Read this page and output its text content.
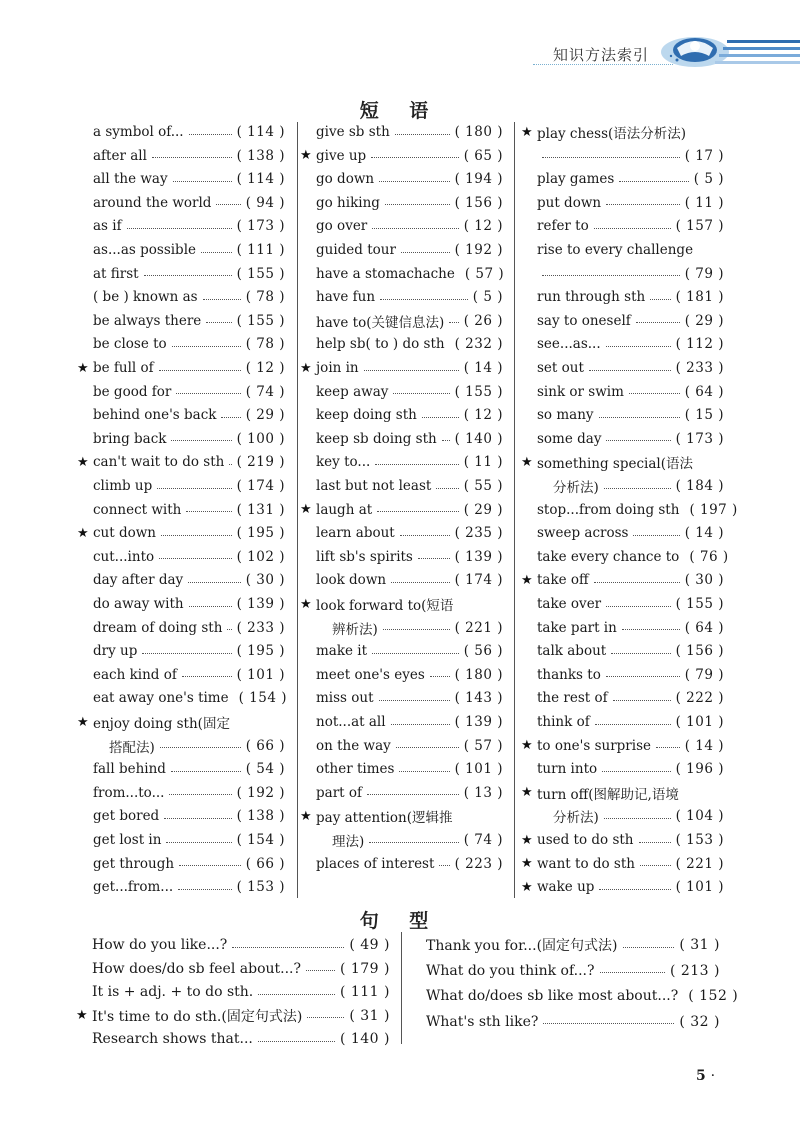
知识方法索引
短 语
a symbol of...	( 114 )
after all	( 138 )
all the way	( 114 )
around the world	( 94 )
as if	( 173 )
as...as possible	( 111 )
at first	( 155 )
( be ) known as	( 78 )
be always there	( 155 )
be close to	( 78 )
★ be full of	( 12 )
be good for	( 74 )
behind one's back ( 29 )
bring back	( 100 )
★ can't wait to do sth ( 219 )
climb up	( 174 )
connect with	( 131 )
★ cut down	( 195 )
cut...into	( 102 )
day after day	( 30 )
do away with	( 139 )
dream of doing sth ( 233 )
dry up	( 195 )
each kind of	( 101 )
eat away one's time ( 154 )
★ enjoy doing sth(固定
搭配法)	( 66 )
fall behind	( 54 )
from...to...	( 192 )
get bored	( 138 )
get lost in	( 154 )
get through	( 66 )
get...from...	( 153 )
give sb sth	( 180 )
★ give up	( 65 )
go down	( 194 )
go hiking	( 156 )
go over	( 12 )
guided tour	( 192 )
have a stomachache ( 57 )
have fun	( 5 )
have to(关键信息法) ( 26 )
help sb( to ) do sth ( 232 )
★ join in	( 14 )
keep away	( 155 )
keep doing sth	( 12 )
keep sb doing sth ( 140 )
key to...	( 11 )
last but not least ( 55 )
★ laugh at	( 29 )
learn about	( 235 )
lift sb's spirits	( 139 )
look down	( 174 )
★ look forward to(短语
辨析法)	( 221 )
make it	( 56 )
meet one's eyes ( 180 )
miss out	( 143 )
not...at all	( 139 )
on the way	( 57 )
other times	( 101 )
part of	( 13 )
★ pay attention(逻辑推
理法)	( 74 )
places of interest ( 223 )
★ play chess(语法分析法)
( 17 )
play games	( 5 )
put down	( 11 )
refer to	( 157 )
rise to every challenge
( 79 )
run through sth ( 181 )
say to oneself	( 29 )
see...as...	( 112 )
set out	( 233 )
sink or swim	( 64 )
so many	( 15 )
some day	( 173 )
★ something special(语法
分析法)	( 184 )
stop...from doing sth ( 197 )
sweep across	( 14 )
take every chance to ( 76 )
★ take off	( 30 )
take over	( 155 )
take part in	( 64 )
talk about	( 156 )
thanks to	( 79 )
the rest of	( 222 )
think of	( 101 )
★ to one's surprise ( 14 )
turn into	( 196 )
★ turn off(图解助记,语境
分析法)	( 104 )
★ used to do sth	( 153 )
★ want to do sth	( 221 )
★ wake up	( 101 )
句 型
How do you like...?	( 49 )
How does/do sb feel about...?	( 179 )
It is + adj. + to do sth.	( 111 )
★ It's time to do sth.(固定句式法)	( 31 )
Research shows that...	( 140 )
Thank you for...(固定句式法)	( 31 )
What do you think of...?	( 213 )
What do/does sb like most about...? ( 152 )
What's sth like?	( 32 )
5 ·
